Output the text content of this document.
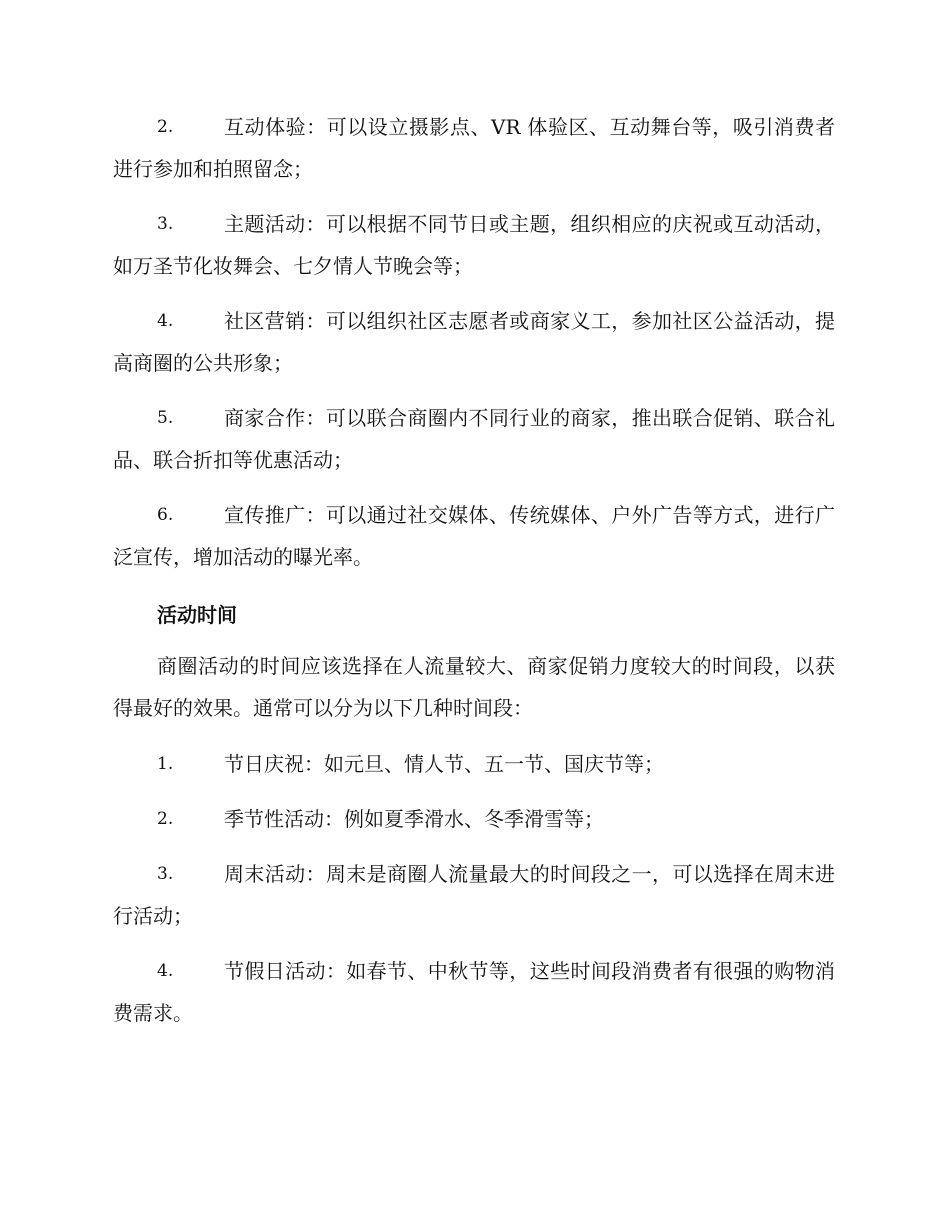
2.	互动体验：可以设立摄影点、VR 体验区、互动舞台等，吸引消费者进行参加和拍照留念；

3.	主题活动：可以根据不同节日或主题，组织相应的庆祝或互动活动，如万圣节化妆舞会、七夕情人节晚会等；

4.	社区营销：可以组织社区志愿者或商家义工，参加社区公益活动，提高商圈的公共形象；

5.	商家合作：可以联合商圈内不同行业的商家，推出联合促销、联合礼品、联合折扣等优惠活动；

6.	宣传推广：可以通过社交媒体、传统媒体、户外广告等方式，进行广泛宣传，增加活动的曝光率。

活动时间

商圈活动的时间应该选择在人流量较大、商家促销力度较大的时间段，以获得最好的效果。通常可以分为以下几种时间段：

1.	节日庆祝：如元旦、情人节、五一节、国庆节等；

2.	季节性活动：例如夏季滑水、冬季滑雪等；

3.	周末活动：周末是商圈人流量最大的时间段之一，可以选择在周末进行活动；

4.	节假日活动：如春节、中秋节等，这些时间段消费者有很强的购物消费需求。
